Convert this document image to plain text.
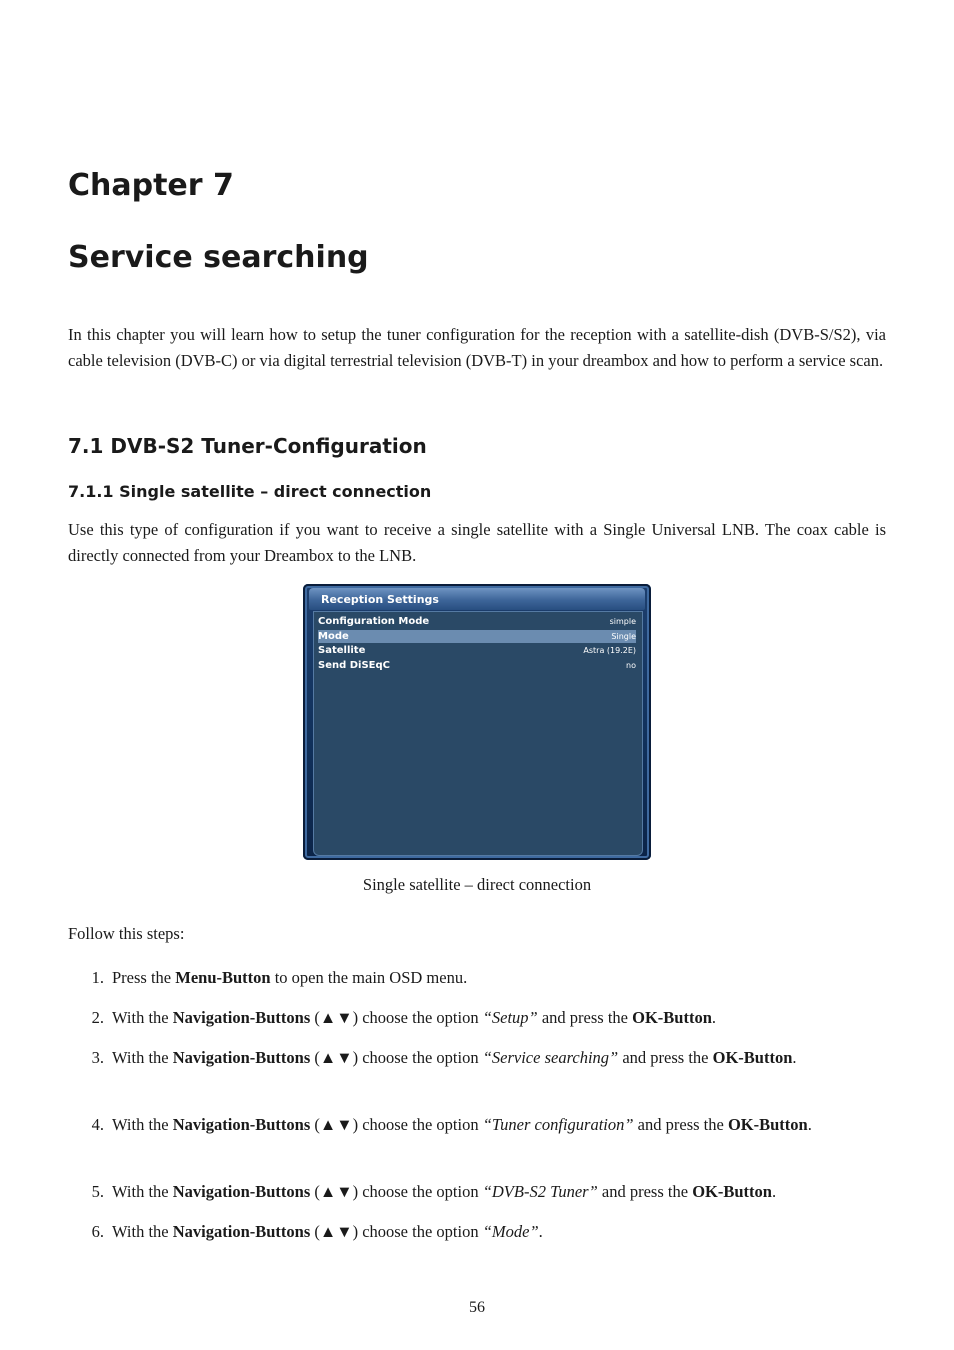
Chapter 7
Service searching

In this chapter you will learn how to setup the tuner configuration for the reception with a satellite-dish (DVB-S/S2), via cable television (DVB-C) or via digital terrestrial television (DVB-T) in your dreambox and how to perform a service scan.

7.1 DVB-S2 Tuner-Configuration
7.1.1 Single satellite – direct connection

Use this type of configuration if you want to receive a single satellite with a Single Universal LNB. The coax cable is directly connected from your Dreambox to the LNB.

Reception Settings

Configuration Mode	simple
Mode	Single
Satellite	Astra (19.2E)
Send DiSEqC	no

Single satellite – direct connection

Follow this steps:

1. Press the Menu-Button to open the main OSD menu.
2. With the Navigation-Buttons (▲▼) choose the option “Setup” and press the OK-Button.
3. With the Navigation-Buttons (▲▼) choose the option “Service searching” and press the OK-Button.
4. With the Navigation-Buttons (▲▼) choose the option “Tuner configuration” and press the OK-Button.
5. With the Navigation-Buttons (▲▼) choose the option “DVB-S2 Tuner” and press the OK-Button.
6. With the Navigation-Buttons (▲▼) choose the option “Mode”.

56
